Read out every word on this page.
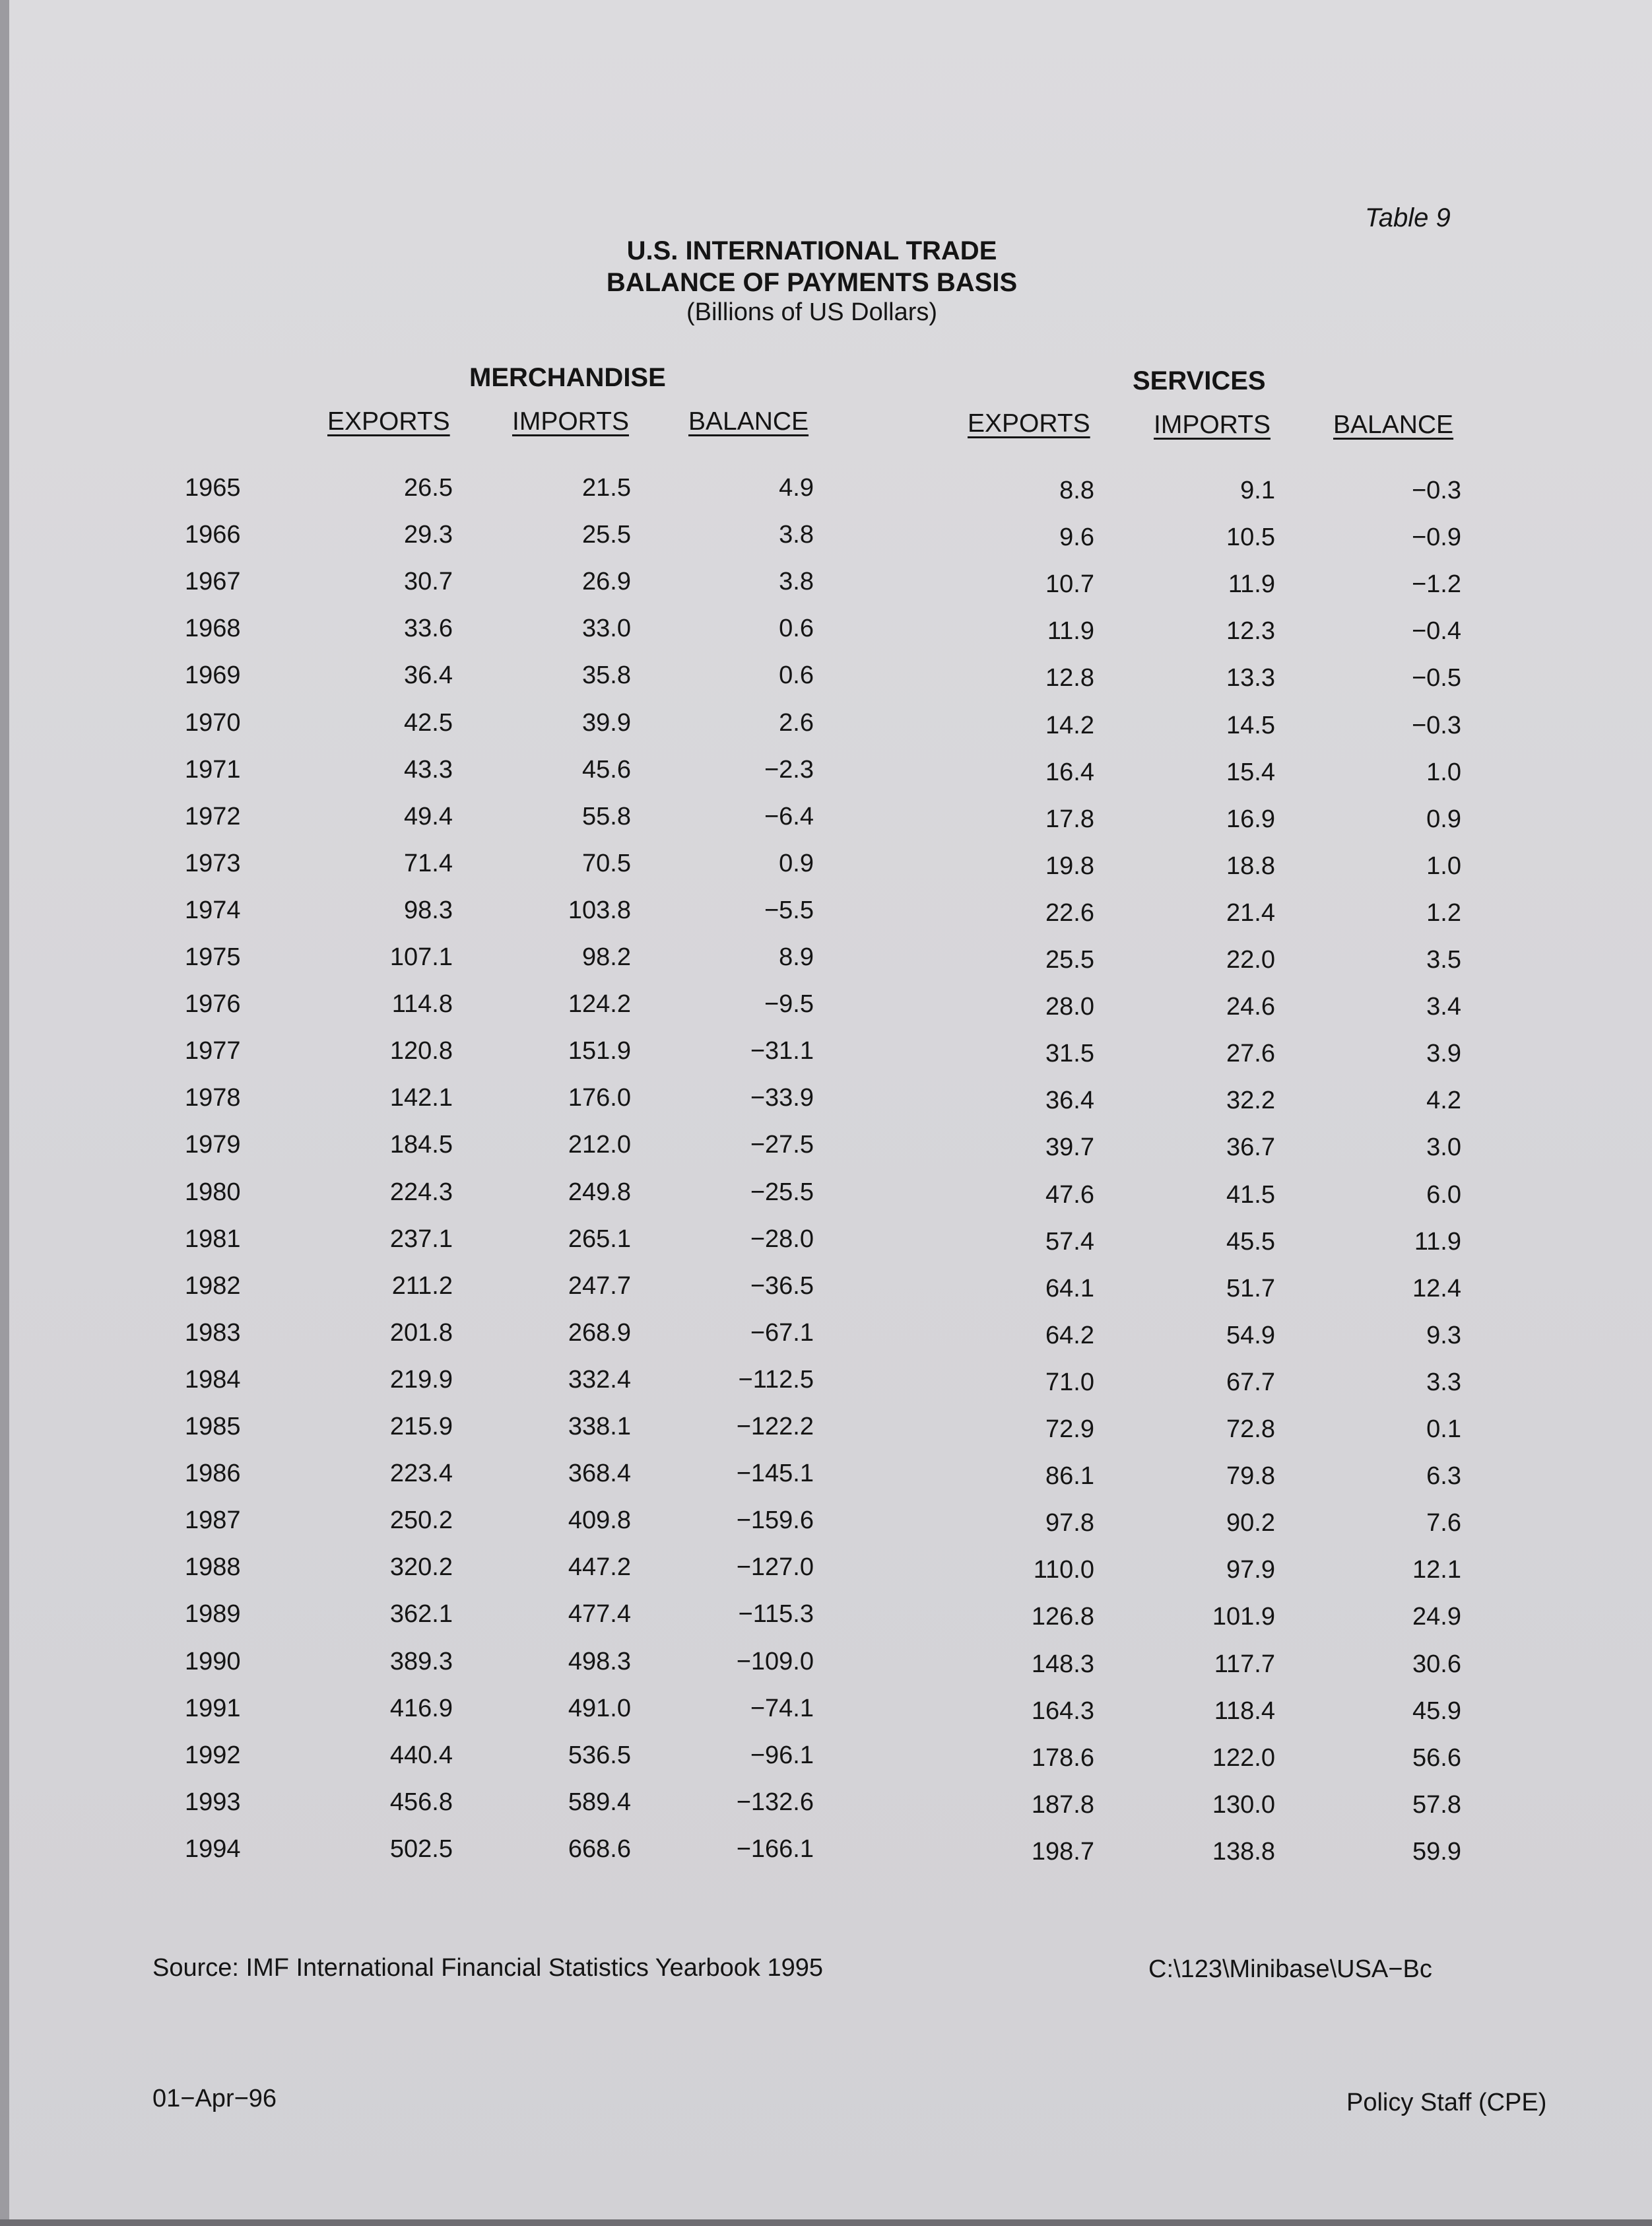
Table 9
U.S. INTERNATIONAL TRADE
BALANCE OF PAYMENTS BASIS
(Billions of US Dollars)
MERCHANDISE	SERVICES
EXPORTS IMPORTS BALANCE	EXPORTS IMPORTS BALANCE
1965	26.5	21.5	4.9	8.8	9.1	−0.3
1966	29.3	25.5	3.8	9.6	10.5	−0.9
1967	30.7	26.9	3.8	10.7	11.9	−1.2
1968	33.6	33.0	0.6	11.9	12.3	−0.4
1969	36.4	35.8	0.6	12.8	13.3	−0.5
1970	42.5	39.9	2.6	14.2	14.5	−0.3
1971	43.3	45.6	−2.3	16.4	15.4	1.0
1972	49.4	55.8	−6.4	17.8	16.9	0.9
1973	71.4	70.5	0.9	19.8	18.8	1.0
1974	98.3	103.8	−5.5	22.6	21.4	1.2
1975	107.1	98.2	8.9	25.5	22.0	3.5
1976	114.8	124.2	−9.5	28.0	24.6	3.4
1977	120.8	151.9	−31.1	31.5	27.6	3.9
1978	142.1	176.0	−33.9	36.4	32.2	4.2
1979	184.5	212.0	−27.5	39.7	36.7	3.0
1980	224.3	249.8	−25.5	47.6	41.5	6.0
1981	237.1	265.1	−28.0	57.4	45.5	11.9
1982	211.2	247.7	−36.5	64.1	51.7	12.4
1983	201.8	268.9	−67.1	64.2	54.9	9.3
1984	219.9	332.4	−112.5	71.0	67.7	3.3
1985	215.9	338.1	−122.2	72.9	72.8	0.1
1986	223.4	368.4	−145.1	86.1	79.8	6.3
1987	250.2	409.8	−159.6	97.8	90.2	7.6
1988	320.2	447.2	−127.0	110.0	97.9	12.1
1989	362.1	477.4	−115.3	126.8	101.9	24.9
1990	389.3	498.3	−109.0	148.3	117.7	30.6
1991	416.9	491.0	−74.1	164.3	118.4	45.9
1992	440.4	536.5	−96.1	178.6	122.0	56.6
1993	456.8	589.4	−132.6	187.8	130.0	57.8
1994	502.5	668.6	−166.1	198.7	138.8	59.9
Source: IMF International Financial Statistics Yearbook 1995	C:\123\Minibase\USA−Bc
01−Apr−96	Policy Staff (CPE)
